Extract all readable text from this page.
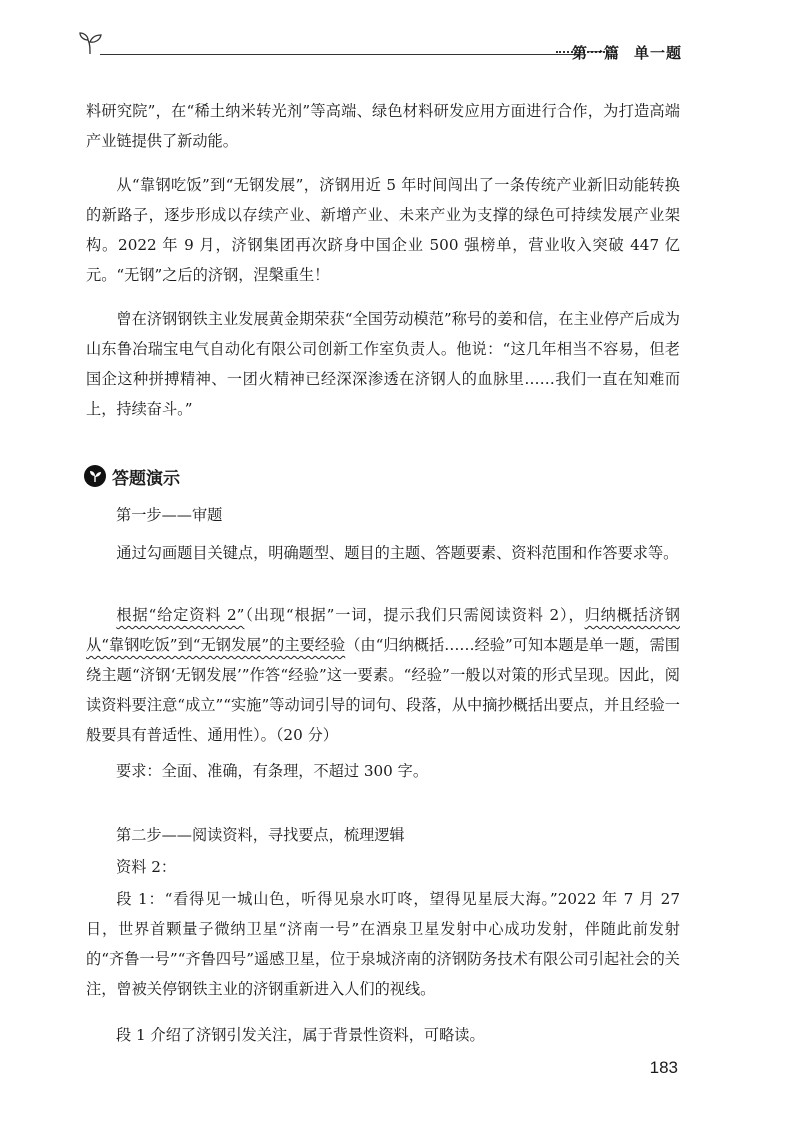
第一篇 单一题

料研究院”，在“稀土纳米转光剂”等高端、绿色材料研发应用方面进行合作，为打造高端产业链提供了新动能。

从“靠钢吃饭”到“无钢发展”，济钢用近 5 年时间闯出了一条传统产业新旧动能转换的新路子，逐步形成以存续产业、新增产业、未来产业为支撑的绿色可持续发展产业架构。2022 年 9 月，济钢集团再次跻身中国企业 500 强榜单，营业收入突破 447 亿元。“无钢”之后的济钢，涅槃重生！

曾在济钢钢铁主业发展黄金期荣获“全国劳动模范”称号的姜和信，在主业停产后成为山东鲁冶瑞宝电气自动化有限公司创新工作室负责人。他说：“这几年相当不容易，但老国企这种拼搏精神、一团火精神已经深深渗透在济钢人的血脉里……我们一直在知难而上，持续奋斗。”

答题演示

第一步——审题

通过勾画题目关键点，明确题型、题目的主题、答题要素、资料范围和作答要求等。

根据“给定资料 2”（出现“根据”一词，提示我们只需阅读资料 2），归纳概括济钢从“靠钢吃饭”到“无钢发展”的主要经验（由“归纳概括……经验”可知本题是单一题，需围绕主题“济钢‘无钢发展’”作答“经验”这一要素。“经验”一般以对策的形式呈现。因此，阅读资料要注意“成立”“实施”等动词引导的词句、段落，从中摘抄概括出要点，并且经验一般要具有普适性、通用性）。（20 分）

要求：全面、准确，有条理，不超过 300 字。

第二步——阅读资料，寻找要点，梳理逻辑

资料 2：

段 1：“看得见一城山色，听得见泉水叮咚，望得见星辰大海。”2022 年 7 月 27 日，世界首颗量子微纳卫星“济南一号”在酒泉卫星发射中心成功发射，伴随此前发射的“齐鲁一号”“齐鲁四号”遥感卫星，位于泉城济南的济钢防务技术有限公司引起社会的关注，曾被关停钢铁主业的济钢重新进入人们的视线。

段 1 介绍了济钢引发关注，属于背景性资料，可略读。

183
